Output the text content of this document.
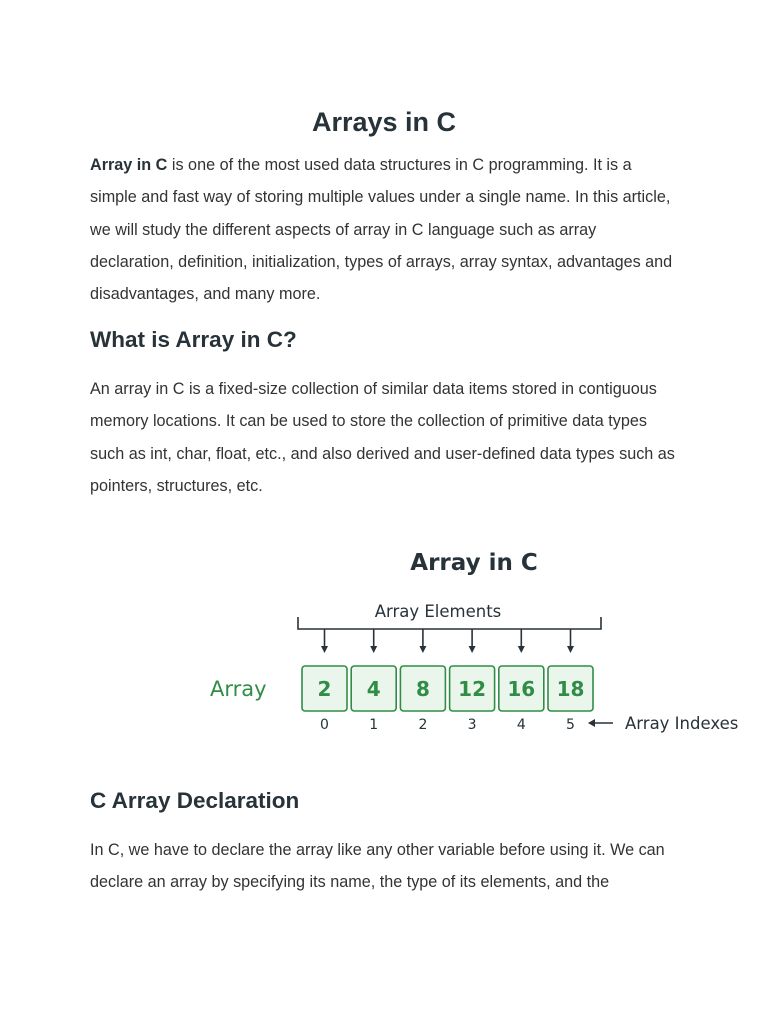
Arrays in C

Array in C is one of the most used data structures in C programming. It is a simple and fast way of storing multiple values under a single name. In this article, we will study the different aspects of array in C language such as array declaration, definition, initialization, types of arrays, array syntax, advantages and disadvantages, and many more.

What is Array in C?

An array in C is a fixed-size collection of similar data items stored in contiguous memory locations. It can be used to store the collection of primitive data types such as int, char, float, etc., and also derived and user-defined data types such as pointers, structures, etc.

Array in C
Array Elements
Array	2 4 8 12 16 18
0	1	2	3	4	5	Array Indexes
C Array Declaration

In C, we have to declare the array like any other variable before using it. We can declare an array by specifying its name, the type of its elements, and the
